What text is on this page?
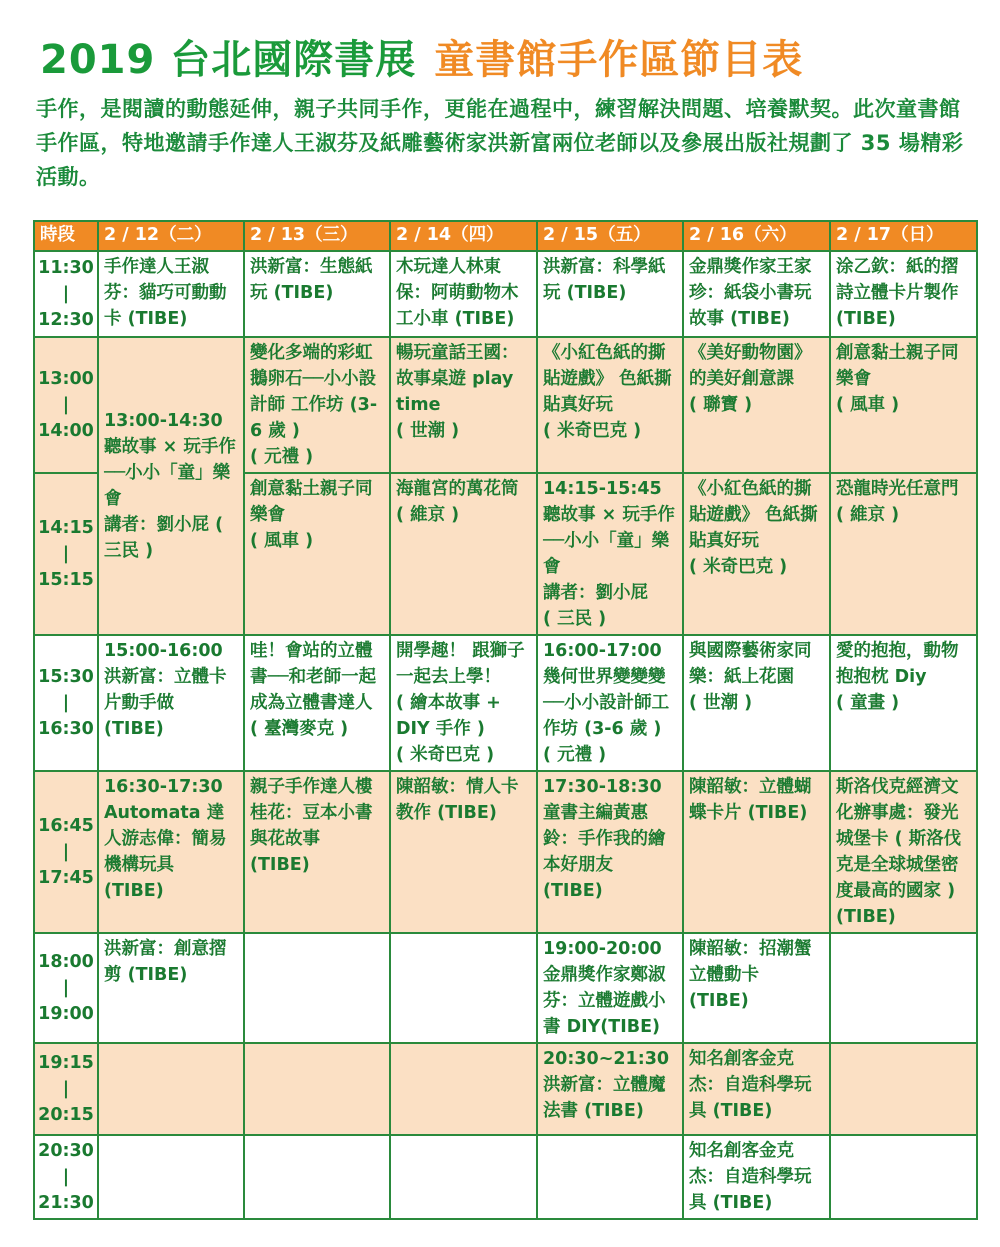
2019 台北國際書展 童書館手作區節目表
手作，是閱讀的動態延伸，親子共同手作，更能在過程中，練習解決問題、培養默契。此次童書館手作區，特地邀請手作達人王淑芬及紙雕藝術家洪新富兩位老師以及參展出版社規劃了 35 場精彩活動。
時段	2 / 12（二）	2 / 13（三）	2 / 14（四）	2 / 15（五）	2 / 16（六）	2 / 17（日）
11:30
|
12:30	手作達人王淑芬：貓巧可動動卡 (TIBE)	洪新富：生態紙玩 (TIBE)	木玩達人林東保：阿萌動物木工小車 (TIBE)	洪新富：科學紙玩 (TIBE)	金鼎獎作家王家珍：紙袋小書玩故事 (TIBE)	涂乙欽：紙的摺詩立體卡片製作 (TIBE)
13:00
|
14:00	13:00-14:30
聽故事 × 玩手作──小小「童」樂會
講者：劉小屁 ( 三民 )	變化多端的彩虹鵝卵石──小小設計師 工作坊 (3-6 歲 )
( 元禮 )	暢玩童話王國：故事桌遊 play time
( 世潮 )	《小紅色紙的撕貼遊戲》 色紙撕貼真好玩
( 米奇巴克 )	《美好動物園》的美好創意課
( 聯寶 )	創意黏土親子同樂會
( 風車 )
14:15
|
15:15		創意黏土親子同樂會
( 風車 )	海龍宮的萬花筒
( 維京 )	14:15-15:45
聽故事 × 玩手作──小小「童」樂會
講者：劉小屁
( 三民 )	《小紅色紙的撕貼遊戲》 色紙撕貼真好玩
( 米奇巴克 )	恐龍時光任意門
( 維京 )
15:30
|
16:30	15:00-16:00
洪新富：立體卡片動手做 (TIBE)	哇！會站的立體書──和老師一起成為立體書達人
( 臺灣麥克 )	開學趣！ 跟獅子一起去上學！
( 繪本故事 + DIY 手作 )
( 米奇巴克 )	16:00-17:00
幾何世界變變變──小小設計師工作坊 (3-6 歲 )
( 元禮 )	與國際藝術家同樂：紙上花園
( 世潮 )	愛的抱抱，動物抱抱枕 Diy
( 童畫 )
16:45
|
17:45	16:30-17:30
Automata 達人游志偉：簡易機構玩具 (TIBE)	親子手作達人樓桂花：豆本小書與花故事 (TIBE)	陳韶敏：情人卡教作 (TIBE)	17:30-18:30
童書主編黃惠鈴：手作我的繪本好朋友 (TIBE)	陳韶敏：立體蝴蝶卡片 (TIBE)	斯洛伐克經濟文化辦事處：發光城堡卡 ( 斯洛伐克是全球城堡密度最高的國家 ) (TIBE)
18:00
|
19:00	洪新富：創意摺剪 (TIBE)			19:00-20:00
金鼎獎作家鄭淑芬：立體遊戲小書 DIY(TIBE)	陳韶敏：招潮蟹立體動卡 (TIBE)	
19:15
|
20:15				20:30~21:30
洪新富：立體魔法書 (TIBE)	知名創客金克杰：自造科學玩具 (TIBE)	
20:30
|
21:30					知名創客金克杰：自造科學玩具 (TIBE)	
